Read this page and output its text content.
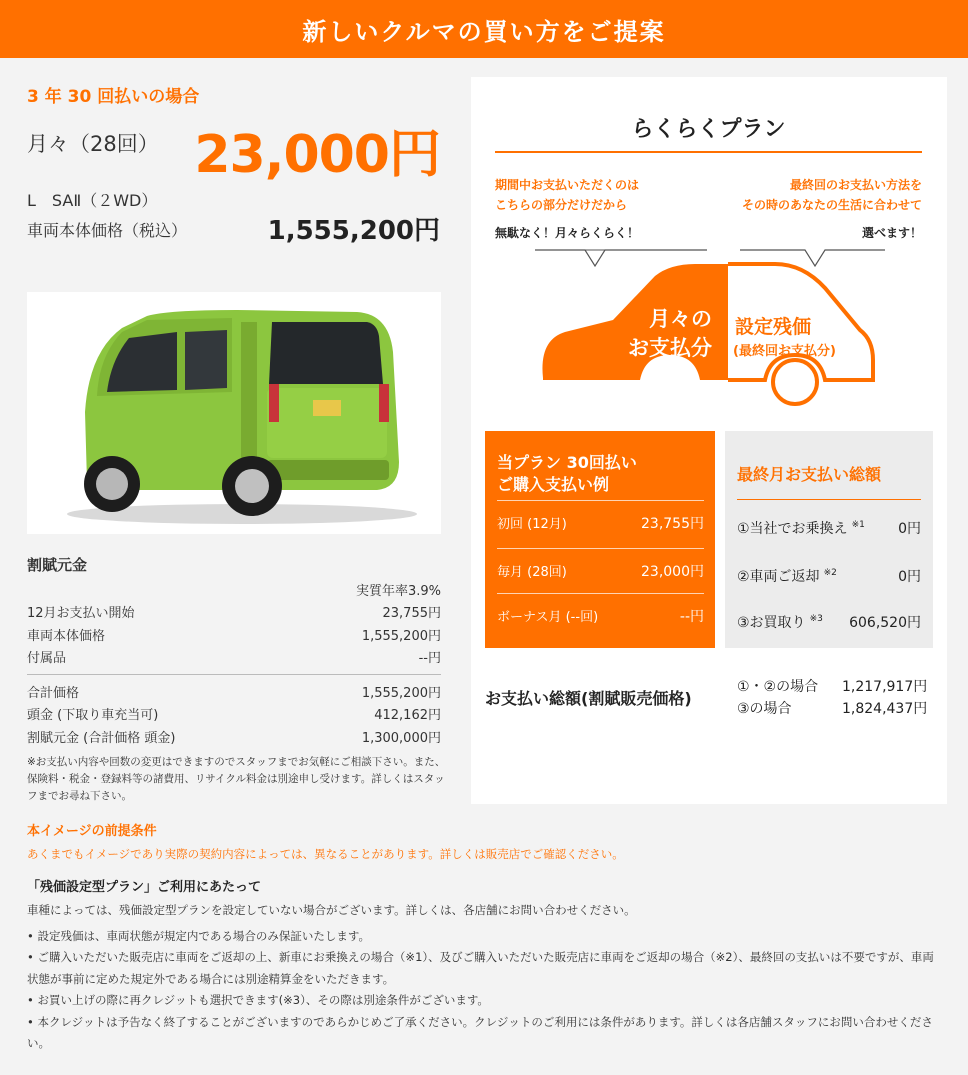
新しいクルマの買い方をご提案
3 年 30 回払いの場合
月々（28回） 23,000円
L　SAⅡ（２WD）
車両本体価格（税込）	1,555,200円
割賦元金
実質年率3.9%
12月お支払い開始	23,755円
車両本体価格	1,555,200円
付属品	--円
合計価格	1,555,200円
頭金 (下取り車充当可)	412,162円
割賦元金 (合計価格 頭金)	1,300,000円
※お支払い内容や回数の変更はできますのでスタッフまでお気軽にご相談下さい。また、保険料・税金・登録料等の諸費用、リサイクル料金は別途申し受けます。詳しくはスタッフまでお尋ね下さい。
らくらくプラン
期間中お支払いただくのは
こちらの部分だけだから
無駄なく！月々らくらく！
最終回のお支払い方法を
その時のあなたの生活に合わせて
選べます！
月々の
お支払分
設定残価
(最終回お支払分)
当プラン 30回払い
ご購入支払い例
初回 (12月)	23,755円
毎月 (28回)	23,000円
ボーナス月 (--回)	--円
最終月お支払い総額
①当社でお乗換え $^{※1}$ 0円
②車両ご返却 $^{※2}$	0円
③お買取り $^{※3}$ 606,520円
お支払い総額(割賦販売価格)
①・②の場合	1,217,917円
③の場合	1,824,437円
本イメージの前提条件
あくまでもイメージであり実際の契約内容によっては、異なることがあります。詳しくは販売店でご確認ください。
「残価設定型プラン」ご利用にあたって
車種によっては、残価設定型プランを設定していない場合がございます。詳しくは、各店舗にお問い合わせください。
• 設定残価は、車両状態が規定内である場合のみ保証いたします。
• ご購入いただいた販売店に車両をご返却の上、新車にお乗換えの場合（※1）、及びご購入いただいた販売店に車両をご返却の場合（※2）、最終回の支払いは不要ですが、車両状態が事前に定めた規定外である場合には別途精算金をいただきます。
• お買い上げの際に再クレジットも選択できます(※3）、その際は別途条件がございます。
• 本クレジットは予告なく終了することがございますのであらかじめご了承ください。クレジットのご利用には条件があります。詳しくは各店舗スタッフにお問い合わせください。
